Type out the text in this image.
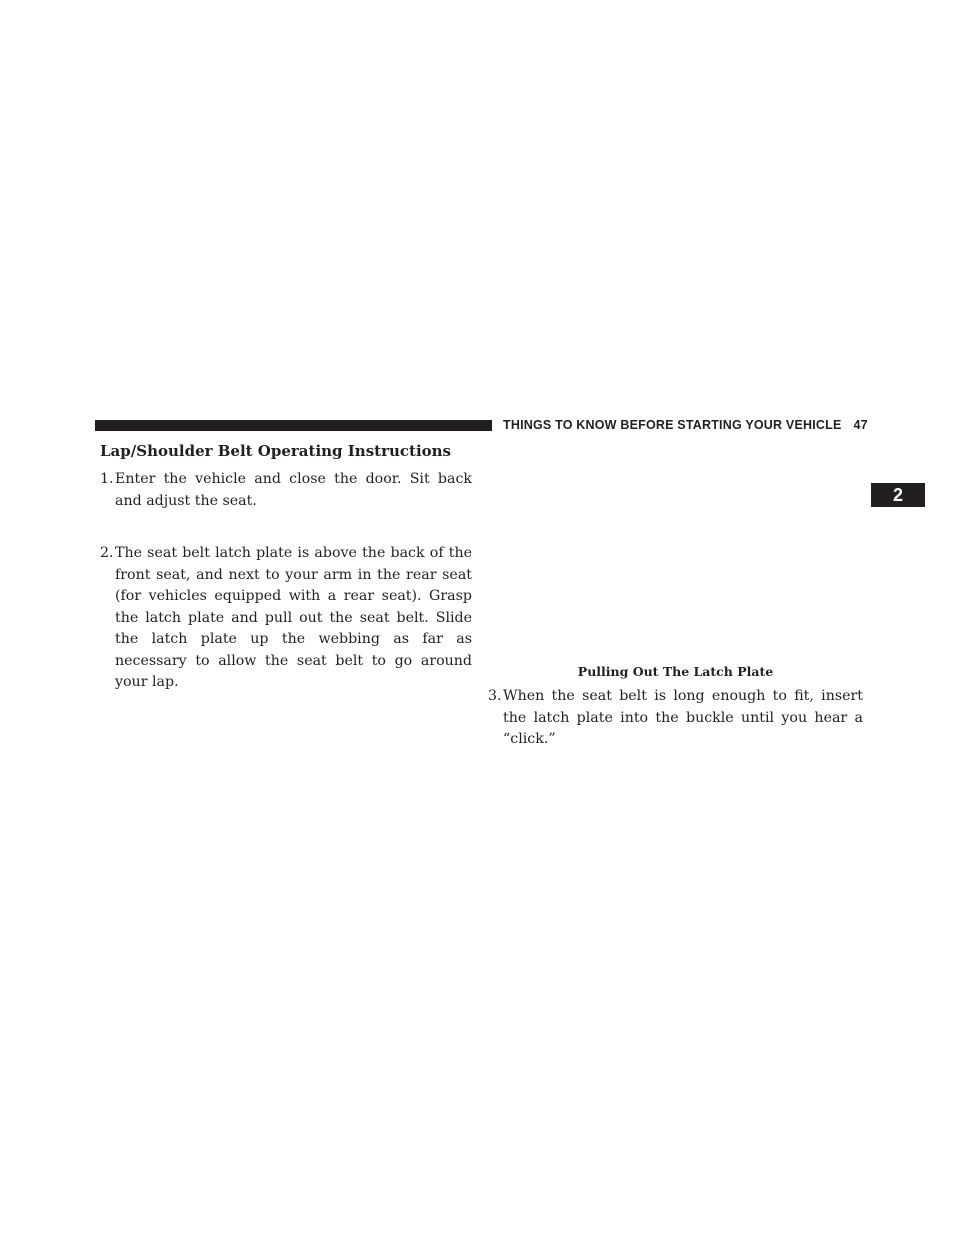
THINGS TO KNOW BEFORE STARTING YOUR VEHICLE 47
2
Lap/Shoulder Belt Operating Instructions
1. Enter the vehicle and close the door. Sit back and adjust the seat.
2. The seat belt latch plate is above the back of the front seat, and next to your arm in the rear seat (for vehicles equipped with a rear seat). Grasp the latch plate and pull out the seat belt. Slide the latch plate up the webbing as far as necessary to allow the seat belt to go around your lap.
Pulling Out The Latch Plate
3. When the seat belt is long enough to fit, insert the latch plate into the buckle until you hear a “click.”
